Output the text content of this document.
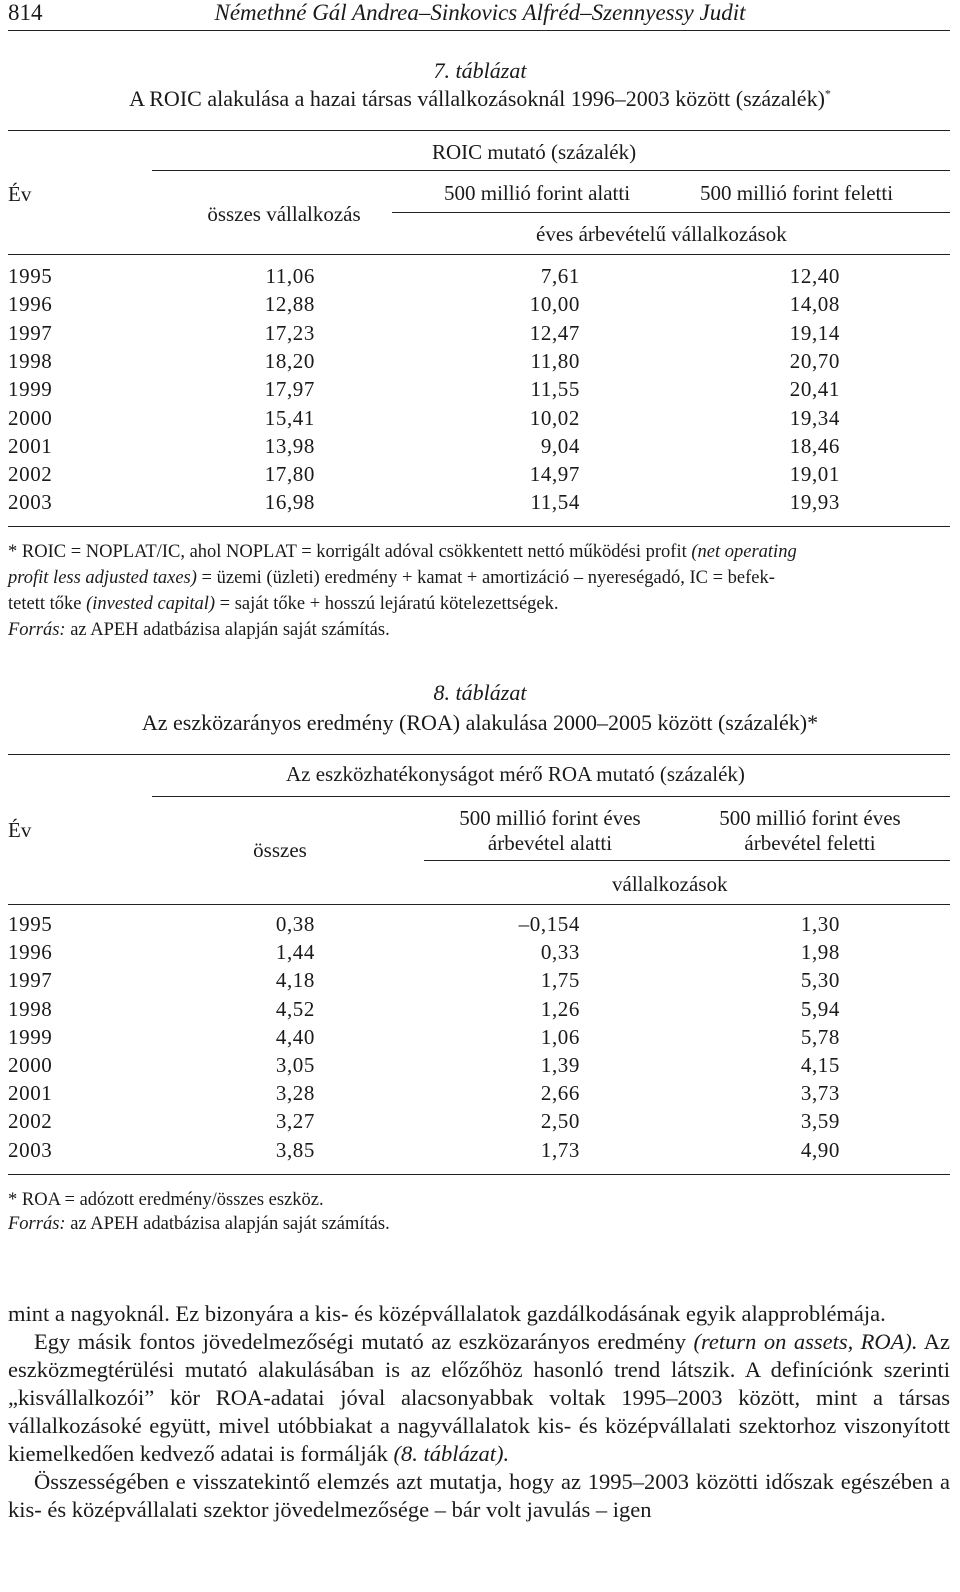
814	Némethné Gál Andrea–Sinkovics Alfréd–Szennyessy Judit
7. táblázat
A ROIC alakulása a hazai társas vállalkozásoknál 1996–2003 között (százalék)*
Év
ROIC mutató (százalék)
összes vállalkozás
500 millió forint alatti	500 millió forint feletti
éves árbevételű vállalkozások
1995	11,06	7,61	12,40
1996	12,88	10,00	14,08
1997	17,23	12,47	19,14
1998	18,20	11,80	20,70
1999	17,97	11,55	20,41
2000	15,41	10,02	19,34
2001	13,98	9,04	18,46
2002	17,80	14,97	19,01
2003	16,98	11,54	19,93
* ROIC = NOPLAT/IC, ahol NOPLAT = korrigált adóval csökkentett nettó működési profit (net operating
profit less adjusted taxes) = üzemi (üzleti) eredmény + kamat + amortizáció – nyereségadó, IC = befek-
tetett tőke (invested capital) = saját tőke + hosszú lejáratú kötelezettségek.
Forrás: az APEH adatbázisa alapján saját számítás.
8. táblázat
Az eszközarányos eredmény (ROA) alakulása 2000–2005 között (százalék)*
Év
Az eszközhatékonyságot mérő ROA mutató (százalék)
összes
500 millió forint éves
árbevétel alatti
500 millió forint éves
árbevétel feletti
vállalkozások
1995	0,38	–0,154	1,30
1996	1,44	0,33	1,98
1997	4,18	1,75	5,30
1998	4,52	1,26	5,94
1999	4,40	1,06	5,78
2000	3,05	1,39	4,15
2001	3,28	2,66	3,73
2002	3,27	2,50	3,59
2003	3,85	1,73	4,90
* ROA = adózott eredmény/összes eszköz.
Forrás: az APEH adatbázisa alapján saját számítás.

mint a nagyoknál. Ez bizonyára a kis- és középvállalatok gazdálkodásának egyik alapproblémája.

Egy másik fontos jövedelmezőségi mutató az eszközarányos eredmény (return on assets, ROA). Az eszközmegtérülési mutató alakulásában is az előzőhöz hasonló trend látszik. A definíciónk szerinti „kisvállalkozói” kör ROA-adatai jóval alacsonyabbak voltak 1995–2003 között, mint a társas vállalkozásoké együtt, mivel utóbbiakat a nagyvállalatok kis- és középvállalati szektorhoz viszonyított kiemelkedően kedvező adatai is formálják (8. táblázat).

Összességében e visszatekintő elemzés azt mutatja, hogy az 1995–2003 közötti időszak egészében a kis- és középvállalati szektor jövedelmezősége – bár volt javulás – igen
